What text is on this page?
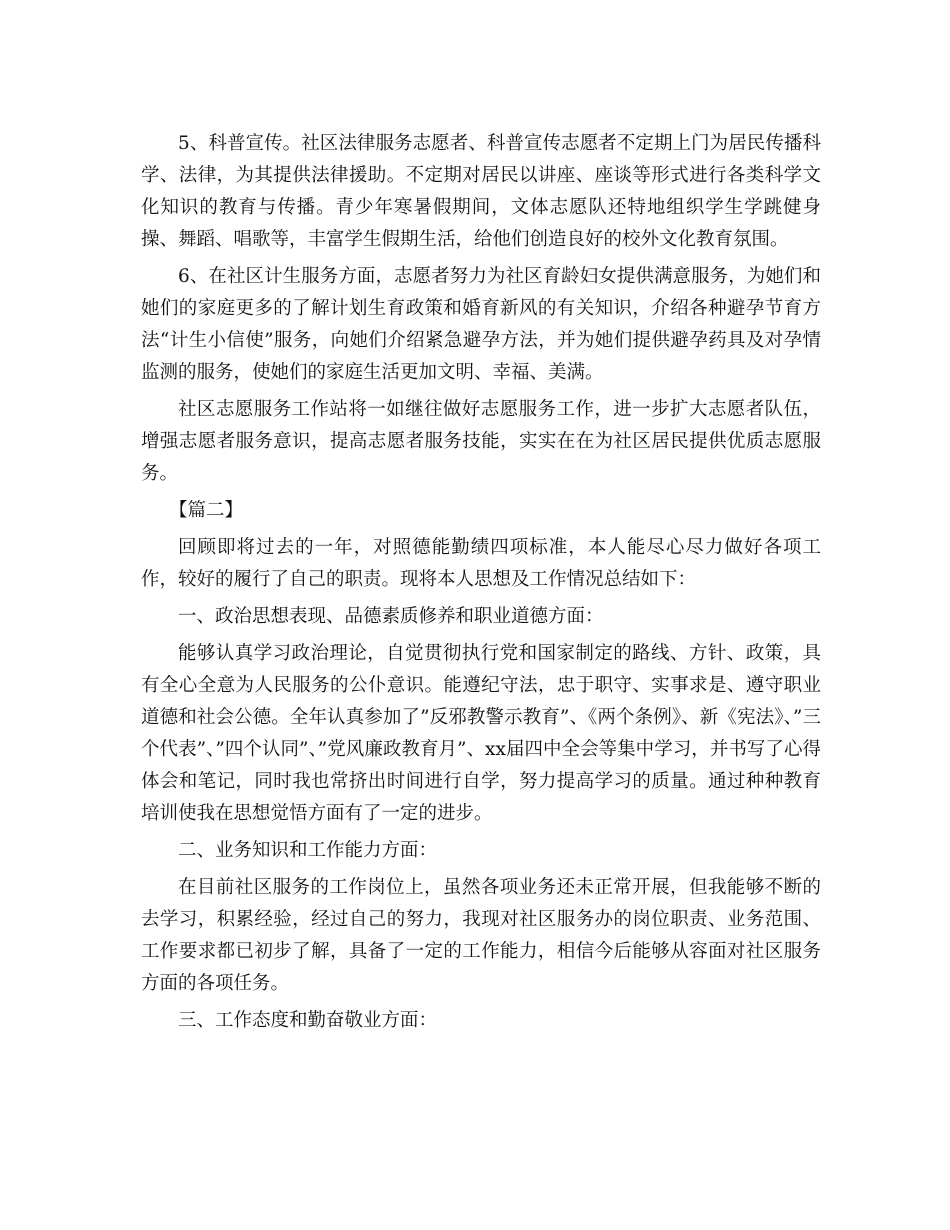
5、科普宣传。社区法律服务志愿者、科普宣传志愿者不定期上门为居民传播科学、法律，为其提供法律援助。不定期对居民以讲座、座谈等形式进行各类科学文化知识的教育与传播。青少年寒暑假期间，文体志愿队还特地组织学生学跳健身操、舞蹈、唱歌等，丰富学生假期生活，给他们创造良好的校外文化教育氛围。

6、在社区计生服务方面，志愿者努力为社区育龄妇女提供满意服务，为她们和她们的家庭更多的了解计划生育政策和婚育新风的有关知识，介绍各种避孕节育方法“计生小信使”服务，向她们介绍紧急避孕方法，并为她们提供避孕药具及对孕情监测的服务，使她们的家庭生活更加文明、幸福、美满。

社区志愿服务工作站将一如继往做好志愿服务工作，进一步扩大志愿者队伍，增强志愿者服务意识，提高志愿者服务技能，实实在在为社区居民提供优质志愿服务。

【篇二】

回顾即将过去的一年，对照德能勤绩四项标准，本人能尽心尽力做好各项工作，较好的履行了自己的职责。现将本人思想及工作情况总结如下：

一、政治思想表现、品德素质修养和职业道德方面：

能够认真学习政治理论，自觉贯彻执行党和国家制定的路线、方针、政策，具有全心全意为人民服务的公仆意识。能遵纪守法，忠于职守、实事求是、遵守职业道德和社会公德。全年认真参加了”反邪教警示教育”、《两个条例》、新《宪法》、”三个代表”、”四个认同”、”党风廉政教育月”、xx届四中全会等集中学习，并书写了心得体会和笔记，同时我也常挤出时间进行自学，努力提高学习的质量。通过种种教育培训使我在思想觉悟方面有了一定的进步。

二、业务知识和工作能力方面：

在目前社区服务的工作岗位上，虽然各项业务还未正常开展，但我能够不断的去学习，积累经验，经过自己的努力，我现对社区服务办的岗位职责、业务范围、工作要求都已初步了解，具备了一定的工作能力，相信今后能够从容面对社区服务方面的各项任务。

三、工作态度和勤奋敬业方面：
